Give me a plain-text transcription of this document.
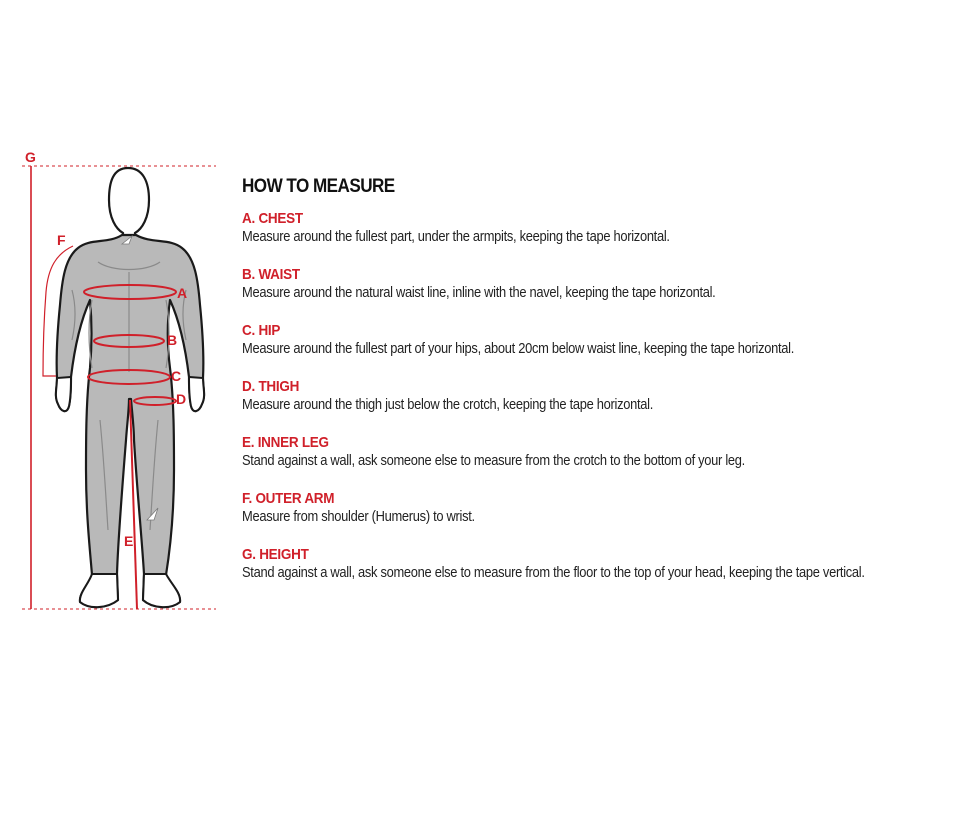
G
F
A
B
C
D
E
HOW TO MEASURE
A. CHEST
Measure around the fullest part, under the armpits, keeping the tape horizontal.
B. WAIST
Measure around the natural waist line, inline with the navel, keeping the tape horizontal.
C. HIP
Measure around the fullest part of your hips, about 20cm below waist line, keeping the tape horizontal.
D. THIGH
Measure around the thigh just below the crotch, keeping the tape horizontal.
E. INNER LEG
Stand against a wall, ask someone else to measure from the crotch to the bottom of your leg.
F. OUTER ARM
Measure from shoulder (Humerus) to wrist.
G. HEIGHT
Stand against a wall, ask someone else to measure from the floor to the top of your head, keeping the tape vertical.
